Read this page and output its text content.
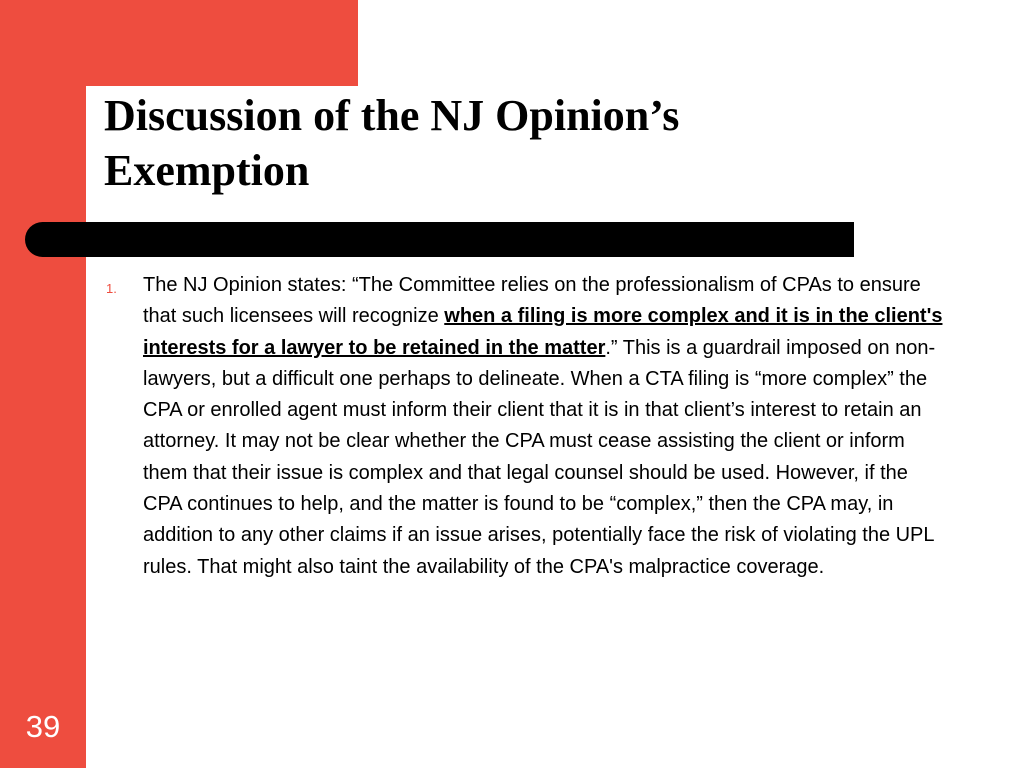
Discussion of the NJ Opinion’s Exemption
1. The NJ Opinion states: “The Committee relies on the professionalism of CPAs to ensure that such licensees will recognize when a filing is more complex and it is in the client's interests for a lawyer to be retained in the matter.” This is a guardrail imposed on non-lawyers, but a difficult one perhaps to delineate. When a CTA filing is “more complex” the CPA or enrolled agent must inform their client that it is in that client’s interest to retain an attorney. It may not be clear whether the CPA must cease assisting the client or inform them that their issue is complex and that legal counsel should be used. However, if the CPA continues to help, and the matter is found to be “complex,” then the CPA may, in addition to any other claims if an issue arises, potentially face the risk of violating the UPL rules. That might also taint the availability of the CPA's malpractice coverage.
39
